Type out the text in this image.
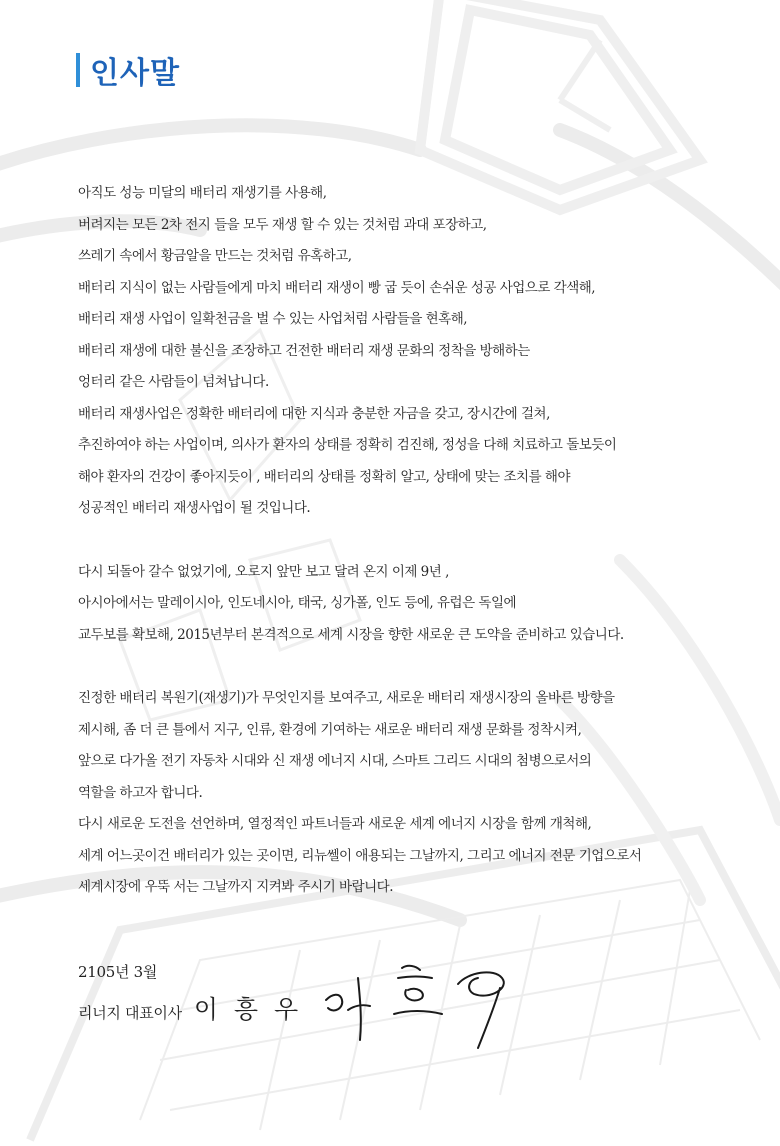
인사말

아직도 성능 미달의 배터리 재생기를 사용해,

버려지는 모든 2차 전지 들을 모두 재생 할 수 있는 것처럼 과대 포장하고,

쓰레기 속에서 황금알을 만드는 것처럼 유혹하고,

배터리 지식이 없는 사람들에게 마치 배터리 재생이 빵 굽 듯이 손쉬운 성공 사업으로 각색해,

배터리 재생 사업이 일확천금을 벌 수 있는 사업처럼 사람들을 현혹해,

배터리 재생에 대한 불신을 조장하고 건전한 배터리 재생 문화의 정착을 방해하는

엉터리 같은 사람들이 넘쳐납니다.

배터리 재생사업은 정확한 배터리에 대한 지식과 충분한 자금을 갖고, 장시간에 걸쳐,

추진하여야 하는 사업이며, 의사가 환자의 상태를 정확히 검진해, 정성을 다해 치료하고 돌보듯이

해야 환자의 건강이 좋아지듯이 , 배터리의 상태를 정확히 알고, 상태에 맞는 조치를 해야

성공적인 배터리 재생사업이 될 것입니다.

다시 되돌아 갈수 없었기에, 오로지 앞만 보고 달려 온지 이제 9년 ,

아시아에서는 말레이시아, 인도네시아, 태국, 싱가폴, 인도 등에, 유럽은 독일에

교두보를 확보해, 2015년부터 본격적으로 세계 시장을 향한 새로운 큰 도약을 준비하고 있습니다.

진정한 배터리 복원기(재생기)가 무엇인지를 보여주고, 새로운 배터리 재생시장의 올바른 방향을

제시해, 좀 더 큰 틀에서 지구, 인류, 환경에 기여하는 새로운 배터리 재생 문화를 정착시켜,

앞으로 다가올 전기 자동차 시대와 신 재생 에너지 시대, 스마트 그리드 시대의 첨병으로서의

역할을 하고자 합니다.

다시 새로운 도전을 선언하며, 열정적인 파트너들과 새로운 세계 에너지 시장을 함께 개척해,

세계 어느곳이건 배터리가 있는 곳이면, 리뉴쎌이 애용되는 그날까지, 그리고 에너지 전문 기업으로서

세계시장에 우뚝 서는 그날까지 지켜봐 주시기 바랍니다.

2105년 3월
리너지 대표이사 이 흥 우
